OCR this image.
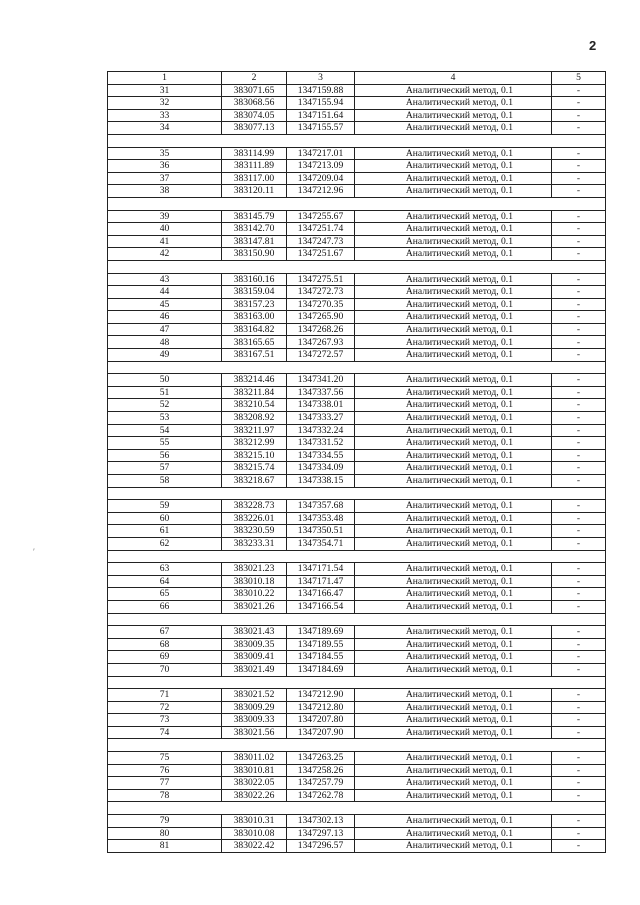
2
′
1	2	3	4	5
31	383071.65	1347159.88	Аналитический метод, 0.1	-
32	383068.56	1347155.94	Аналитический метод, 0.1	-
33	383074.05	1347151.64	Аналитический метод, 0.1	-
34	383077.13	1347155.57	Аналитический метод, 0.1	-

35	383114.99	1347217.01	Аналитический метод, 0.1	-
36	383111.89	1347213.09	Аналитический метод, 0.1	-
37	383117.00	1347209.04	Аналитический метод, 0.1	-
38	383120.11	1347212.96	Аналитический метод, 0.1	-

39	383145.79	1347255.67	Аналитический метод, 0.1	-
40	383142.70	1347251.74	Аналитический метод, 0.1	-
41	383147.81	1347247.73	Аналитический метод, 0.1	-
42	383150.90	1347251.67	Аналитический метод, 0.1	-

43	383160.16	1347275.51	Аналитический метод, 0.1	-
44	383159.04	1347272.73	Аналитический метод, 0.1	-
45	383157.23	1347270.35	Аналитический метод, 0.1	-
46	383163.00	1347265.90	Аналитический метод, 0.1	-
47	383164.82	1347268.26	Аналитический метод, 0.1	-
48	383165.65	1347267.93	Аналитический метод, 0.1	-
49	383167.51	1347272.57	Аналитический метод, 0.1	-

50	383214.46	1347341.20	Аналитический метод, 0.1	-
51	383211.84	1347337.56	Аналитический метод, 0.1	-
52	383210.54	1347338.01	Аналитический метод, 0.1	-
53	383208.92	1347333.27	Аналитический метод, 0.1	-
54	383211.97	1347332.24	Аналитический метод, 0.1	-
55	383212.99	1347331.52	Аналитический метод, 0.1	-
56	383215.10	1347334.55	Аналитический метод, 0.1	-
57	383215.74	1347334.09	Аналитический метод, 0.1	-
58	383218.67	1347338.15	Аналитический метод, 0.1	-

59	383228.73	1347357.68	Аналитический метод, 0.1	-
60	383226.01	1347353.48	Аналитический метод, 0.1	-
61	383230.59	1347350.51	Аналитический метод, 0.1	-
62	383233.31	1347354.71	Аналитический метод, 0.1	-

63	383021.23	1347171.54	Аналитический метод, 0.1	-
64	383010.18	1347171.47	Аналитический метод, 0.1	-
65	383010.22	1347166.47	Аналитический метод, 0.1	-
66	383021.26	1347166.54	Аналитический метод, 0.1	-

67	383021.43	1347189.69	Аналитический метод, 0.1	-
68	383009.35	1347189.55	Аналитический метод, 0.1	-
69	383009.41	1347184.55	Аналитический метод, 0.1	-
70	383021.49	1347184.69	Аналитический метод, 0.1	-

71	383021.52	1347212.90	Аналитический метод, 0.1	-
72	383009.29	1347212.80	Аналитический метод, 0.1	-
73	383009.33	1347207.80	Аналитический метод, 0.1	-
74	383021.56	1347207.90	Аналитический метод, 0.1	-

75	383011.02	1347263.25	Аналитический метод, 0.1	-
76	383010.81	1347258.26	Аналитический метод, 0.1	-
77	383022.05	1347257.79	Аналитический метод, 0.1	-
78	383022.26	1347262.78	Аналитический метод, 0.1	-

79	383010.31	1347302.13	Аналитический метод, 0.1	-
80	383010.08	1347297.13	Аналитический метод, 0.1	-
81	383022.42	1347296.57	Аналитический метод, 0.1	-
